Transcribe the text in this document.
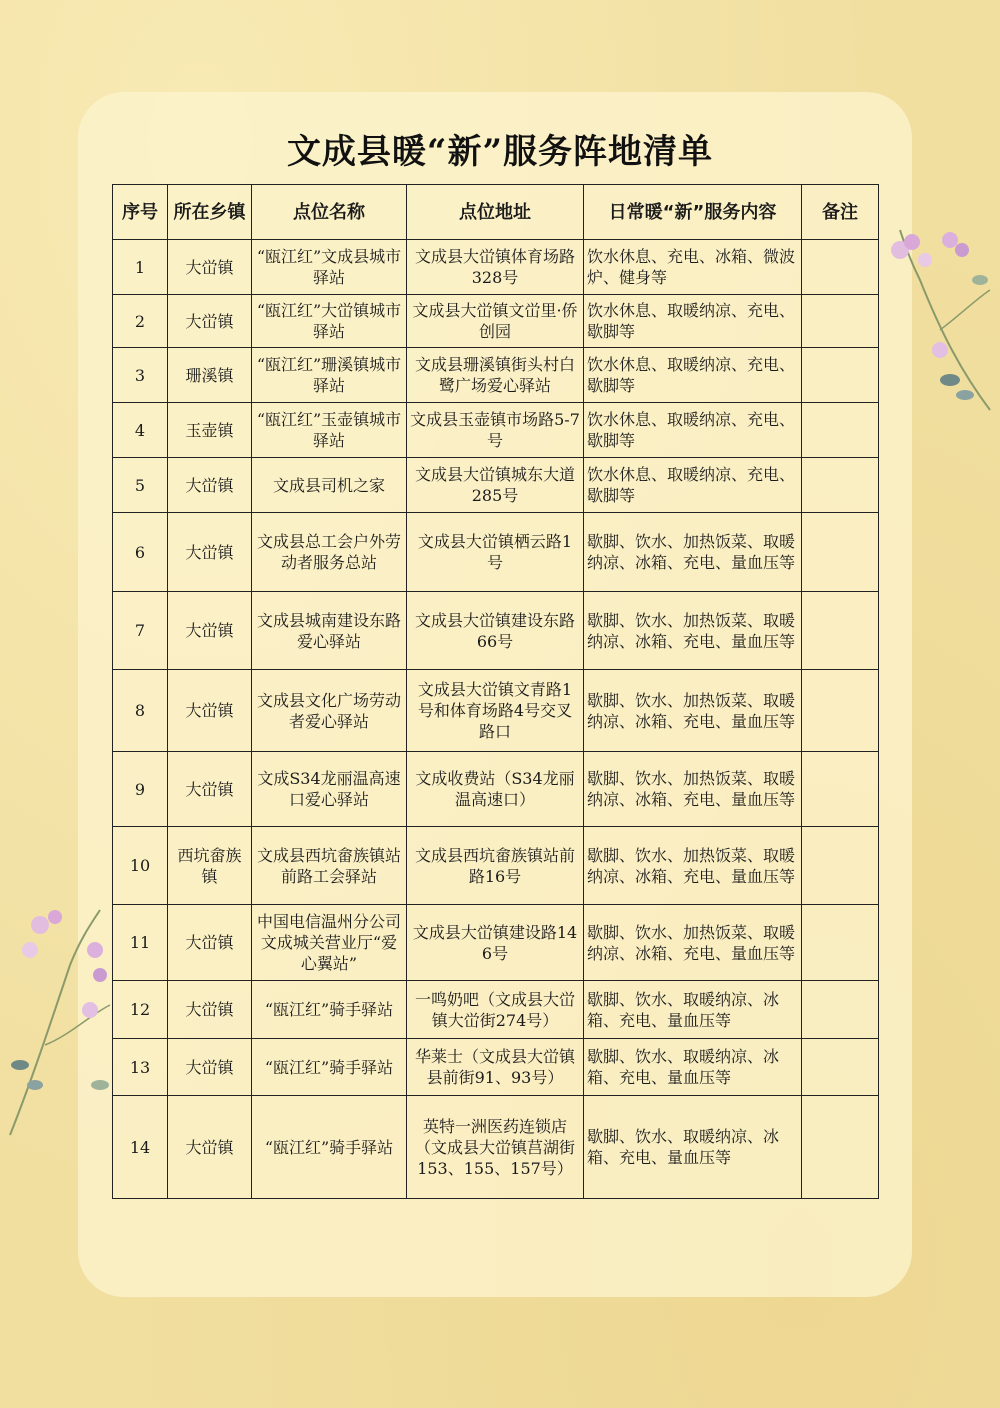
文成县暖“新”服务阵地清单
序号	所在乡镇	点位名称	点位地址	日常暖“新”服务内容	备注
1	大峃镇	“瓯江红”文成县城市驿站	文成县大峃镇体育场路328号	饮水休息、充电、冰箱、微波炉、健身等	
2	大峃镇	“瓯江红”大峃镇城市驿站	文成县大峃镇文峃里·侨创园	饮水休息、取暖纳凉、充电、歇脚等	
3	珊溪镇	“瓯江红”珊溪镇城市驿站	文成县珊溪镇街头村白鹭广场爱心驿站	饮水休息、取暖纳凉、充电、歇脚等	
4	玉壶镇	“瓯江红”玉壶镇城市驿站	文成县玉壶镇市场路5-7号	饮水休息、取暖纳凉、充电、歇脚等	
5	大峃镇	文成县司机之家	文成县大峃镇城东大道285号	饮水休息、取暖纳凉、充电、歇脚等	
6	大峃镇	文成县总工会户外劳动者服务总站	文成县大峃镇栖云路1号	歇脚、饮水、加热饭菜、取暖纳凉、冰箱、充电、量血压等	
7	大峃镇	文成县城南建设东路爱心驿站	文成县大峃镇建设东路66号	歇脚、饮水、加热饭菜、取暖纳凉、冰箱、充电、量血压等	
8	大峃镇	文成县文化广场劳动者爱心驿站	文成县大峃镇文青路1号和体育场路4号交叉路口	歇脚、饮水、加热饭菜、取暖纳凉、冰箱、充电、量血压等	
9	大峃镇	文成S34龙丽温高速口爱心驿站	文成收费站（S34龙丽温高速口）	歇脚、饮水、加热饭菜、取暖纳凉、冰箱、充电、量血压等	
10	西坑畲族镇	文成县西坑畲族镇站前路工会驿站	文成县西坑畲族镇站前路16号	歇脚、饮水、加热饭菜、取暖纳凉、冰箱、充电、量血压等	
11	大峃镇	中国电信温州分公司文成城关营业厅“爱心翼站”	文成县大峃镇建设路146号	歇脚、饮水、加热饭菜、取暖纳凉、冰箱、充电、量血压等	
12	大峃镇	“瓯江红”骑手驿站	一鸣奶吧（文成县大峃镇大峃街274号）	歇脚、饮水、取暖纳凉、冰箱、充电、量血压等	
13	大峃镇	“瓯江红”骑手驿站	华莱士（文成县大峃镇县前街91、93号）	歇脚、饮水、取暖纳凉、冰箱、充电、量血压等	
14	大峃镇	“瓯江红”骑手驿站	英特一洲医药连锁店（文成县大峃镇莒湖街153、155、157号）	歇脚、饮水、取暖纳凉、冰箱、充电、量血压等	
